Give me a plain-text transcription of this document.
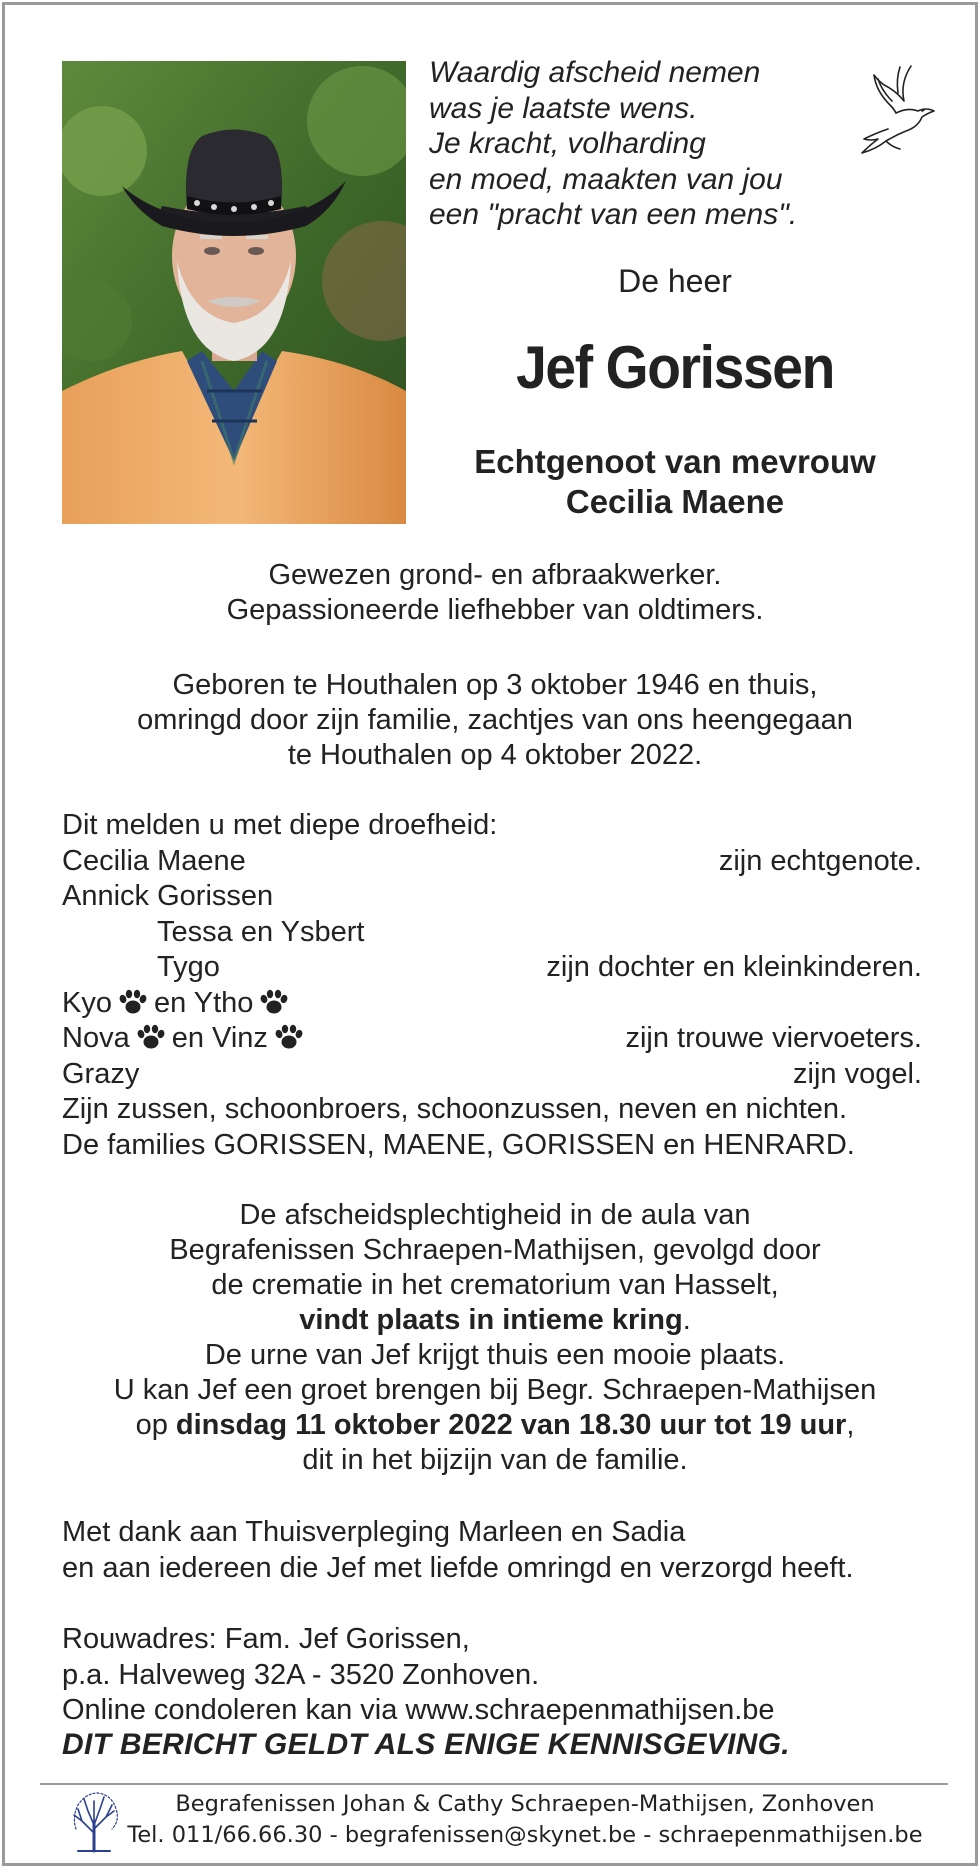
Waardig afscheid nemen
was je laatste wens.
Je kracht, volharding
en moed, maakten van jou
een "pracht van een mens".
De heer
Jef Gorissen
Echtgenoot van mevrouw
Cecilia Maene
Gewezen grond- en afbraakwerker.
Gepassioneerde liefhebber van oldtimers.
Geboren te Houthalen op 3 oktober 1946 en thuis,
omringd door zijn familie, zachtjes van ons heengegaan
te Houthalen op 4 oktober 2022.
Dit melden u met diepe droefheid:
Cecilia Maene	zijn echtgenote.
Annick Gorissen
Tessa en Ysbert
Tygo	zijn dochter en kleinkinderen.
Kyo en Ytho
Nova en Vinz	zijn trouwe viervoeters.
Grazy	zijn vogel.
Zijn zussen, schoonbroers, schoonzussen, neven en nichten.
De families GORISSEN, MAENE, GORISSEN en HENRARD.
De afscheidsplechtigheid in de aula van
Begrafenissen Schraepen-Mathijsen, gevolgd door
de crematie in het crematorium van Hasselt,
vindt plaats in intieme kring.
De urne van Jef krijgt thuis een mooie plaats.
U kan Jef een groet brengen bij Begr. Schraepen-Mathijsen
op dinsdag 11 oktober 2022 van 18.30 uur tot 19 uur,
dit in het bijzijn van de familie.
Met dank aan Thuisverpleging Marleen en Sadia
en aan iedereen die Jef met liefde omringd en verzorgd heeft.
Rouwadres: Fam. Jef Gorissen,
p.a. Halveweg 32A - 3520 Zonhoven.
Online condoleren kan via www.schraepenmathijsen.be
DIT BERICHT GELDT ALS ENIGE KENNISGEVING.
Begrafenissen Johan & Cathy Schraepen-Mathijsen, Zonhoven
Tel. 011/66.66.30 - begrafenissen@skynet.be - schraepenmathijsen.be
